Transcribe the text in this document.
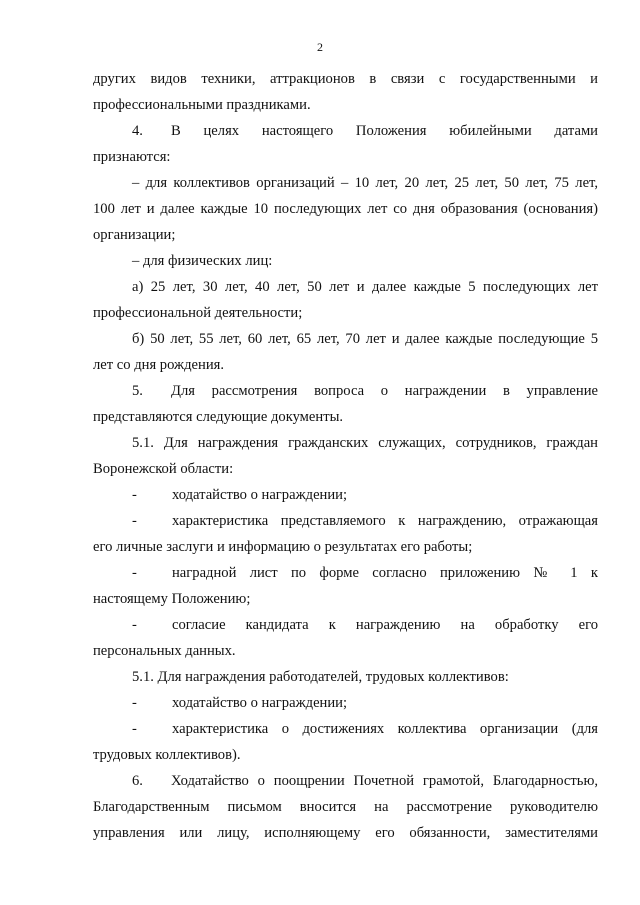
2
других видов техники, аттракционов в связи с государственными и
профессиональными праздниками.
4.	В целях настоящего Положения юбилейными датами
признаются:
– для коллективов организаций – 10 лет, 20 лет, 25 лет, 50 лет, 75 лет,
100 лет и далее каждые 10 последующих лет со дня образования (основания)
организации;
– для физических лиц:
а) 25 лет, 30 лет, 40 лет, 50 лет и далее каждые 5 последующих лет
профессиональной деятельности;
б) 50 лет, 55 лет, 60 лет, 65 лет, 70 лет и далее каждые последующие 5
лет со дня рождения.
5.	Для рассмотрения вопроса о награждении в управление
представляются следующие документы.
5.1. Для награждения гражданских служащих, сотрудников, граждан
Воронежской области:
-	ходатайство о награждении;
-	характеристика представляемого к награждению, отражающая
его личные заслуги и информацию о результатах его работы;
-	наградной лист по форме согласно приложению № 1 к
настоящему Положению;
-	согласие кандидата к награждению на обработку его
персональных данных.
5.1. Для награждения работодателей, трудовых коллективов:
-	ходатайство о награждении;
-	характеристика о достижениях коллектива организации (для
трудовых коллективов).
6.	Ходатайство о поощрении Почетной грамотой, Благодарностью,
Благодарственным письмом вносится на рассмотрение руководителю
управления или лицу, исполняющему его обязанности, заместителями
